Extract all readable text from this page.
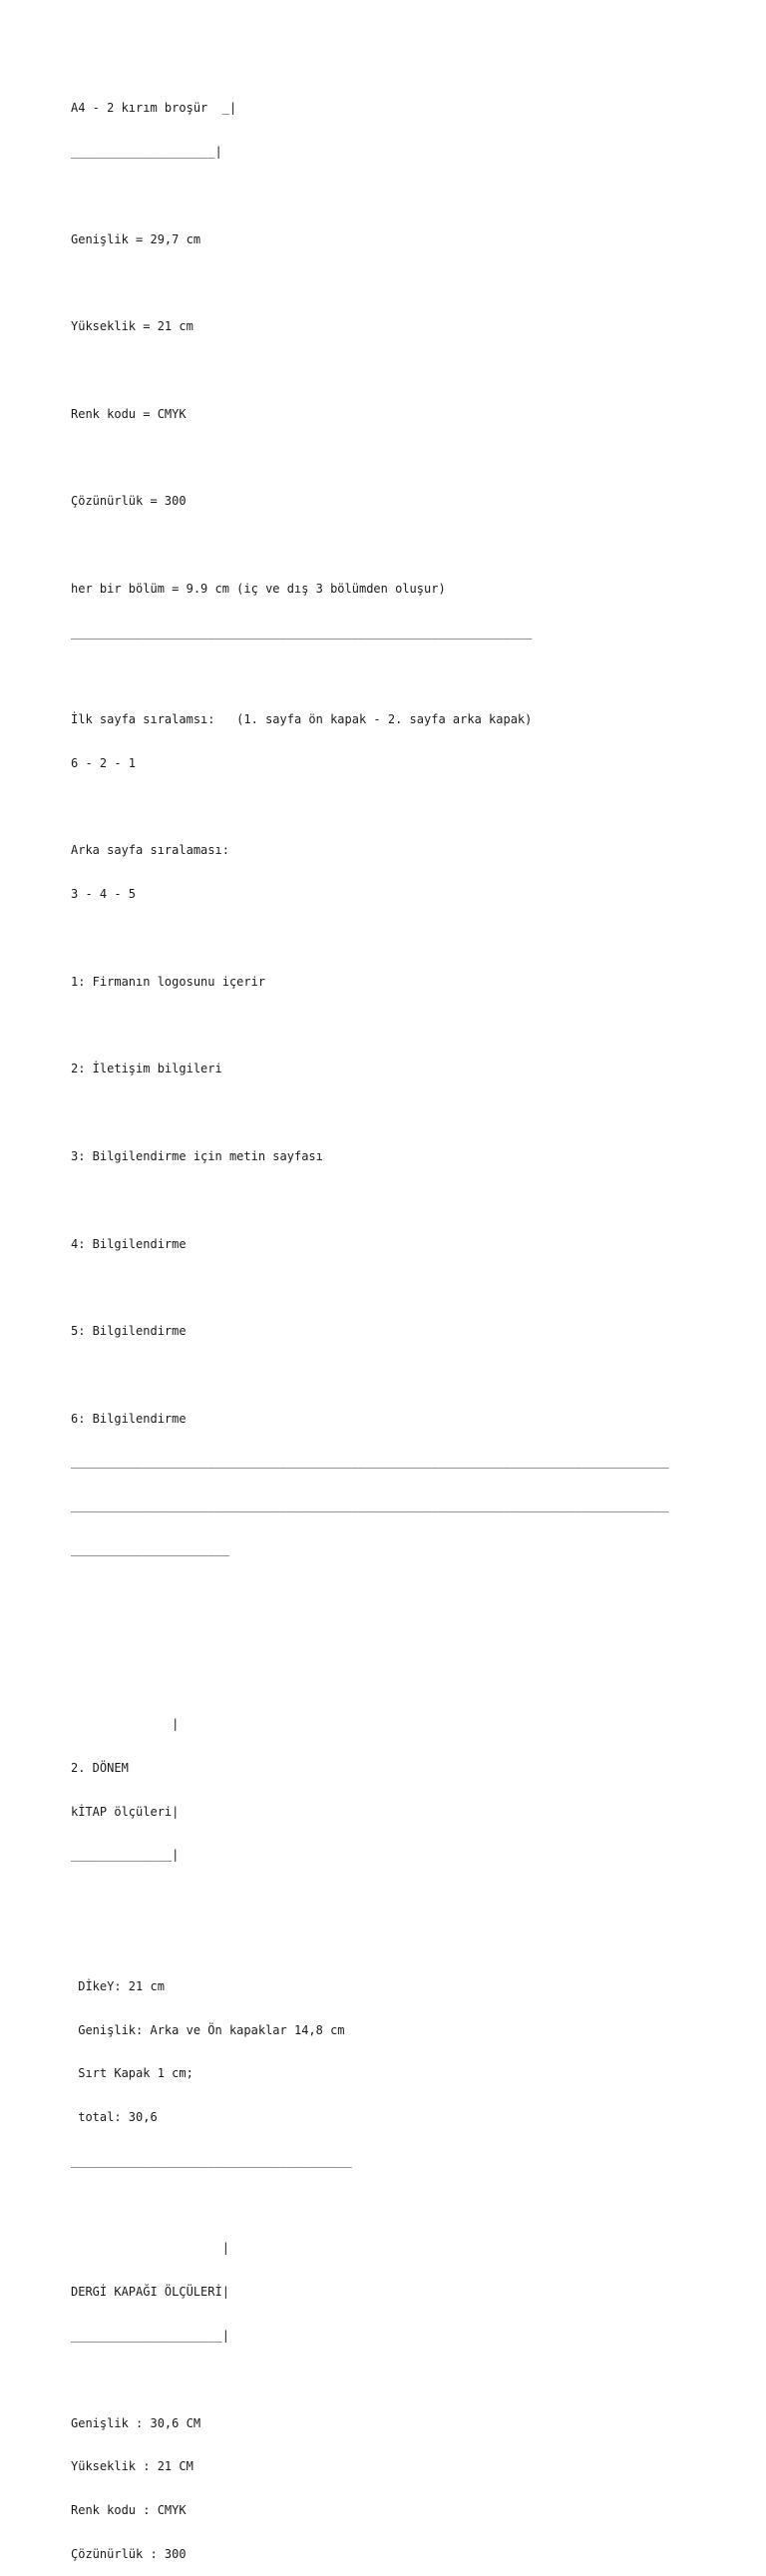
A4 - 2 kırım broşür  _|

____________________|

Genişlik = 29,7 cm

Yükseklik = 21 cm

Renk kodu = CMYK

Çözünürlük = 300

her bir bölüm = 9.9 cm (iç ve dış 3 bölümden oluşur)

________________________________________________________________

İlk sayfa sıralamsı:   (1. sayfa ön kapak - 2. sayfa arka kapak)

6 - 2 - 1

Arka sayfa sıralaması:

3 - 4 - 5

1: Firmanın logosunu içerir

2: İletişim bilgileri

3: Bilgilendirme için metin sayfası

4: Bilgilendirme

5: Bilgilendirme

6: Bilgilendirme

___________________________________________________________________________________

___________________________________________________________________________________

______________________

|

2. DÖNEM

kİTAP ölçüleri|

______________|

DİkeY: 21 cm

Genişlik: Arka ve Ön kapaklar 14,8 cm

Sırt Kapak 1 cm;

total: 30,6

_______________________________________

|

DERGİ KAPAĞI ÖLÇÜLERİ|

_____________________|

Genişlik : 30,6 CM

Yükseklik : 21 CM

Renk kodu : CMYK

Çözünürlük : 300
